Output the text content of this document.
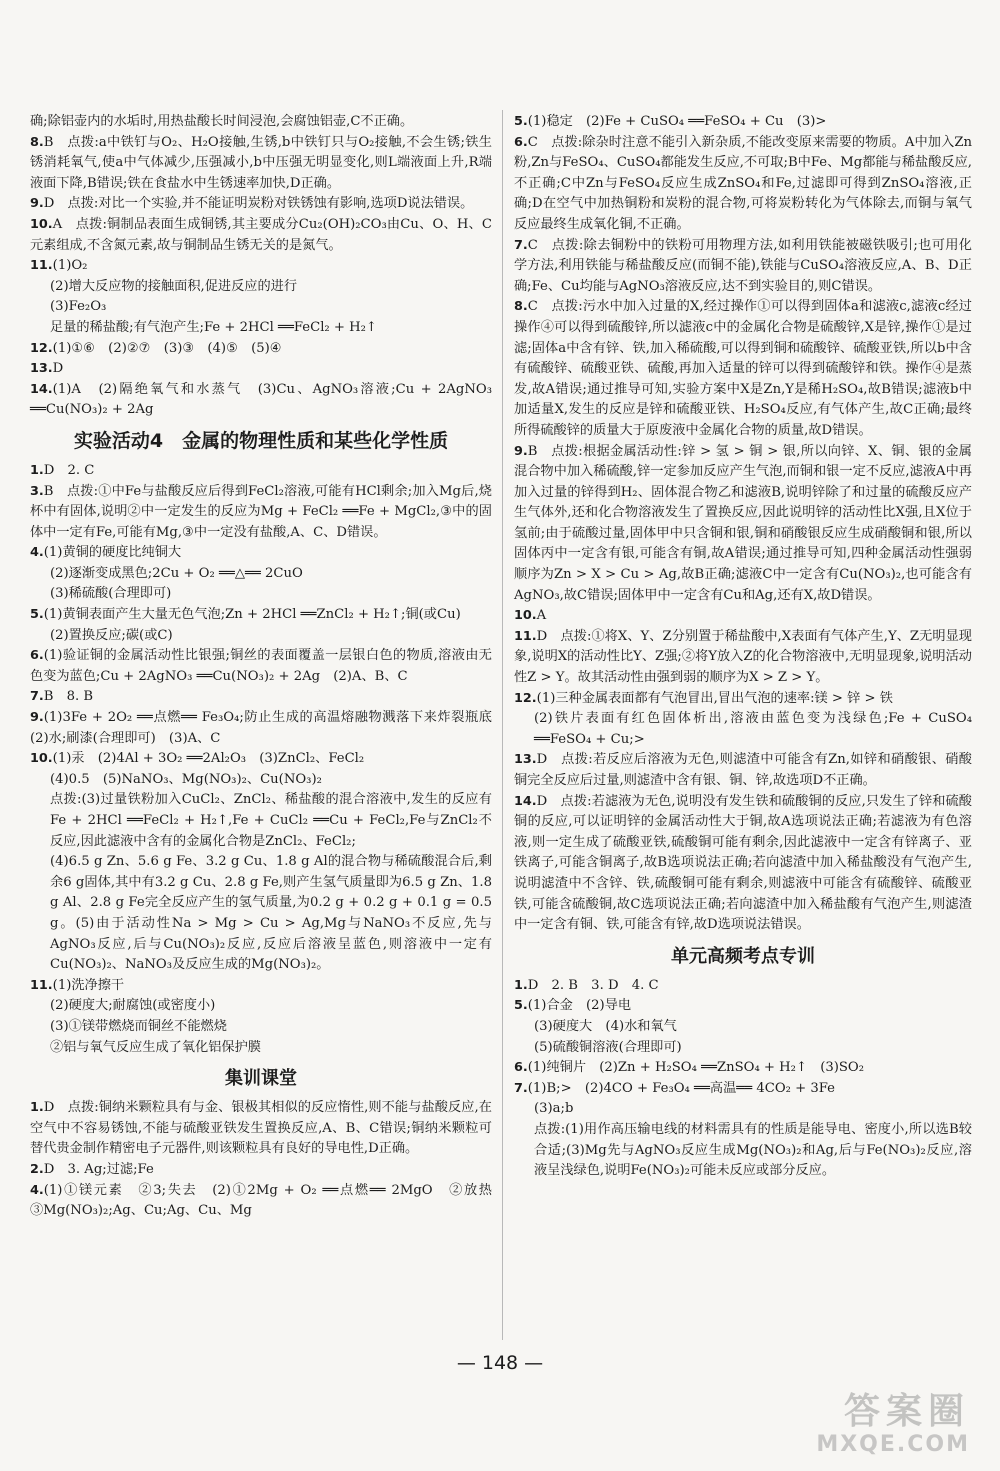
确;除铝壶内的水垢时,用热盐酸长时间浸泡,会腐蚀铝壶,C不正确。

8.B　点拨:a中铁钉与O₂、H₂O接触,生锈,b中铁钉只与O₂接触,不会生锈;铁生锈消耗氧气,使a中气体减少,压强减小,b中压强无明显变化,则L端液面上升,R端液面下降,B错误;铁在食盐水中生锈速率加快,D正确。

9.D　点拨:对比一个实验,并不能证明炭粉对铁锈蚀有影响,选项D说法错误。

10.A　点拨:铜制品表面生成铜锈,其主要成分Cu₂(OH)₂CO₃由Cu、O、H、C元素组成,不含氮元素,故与铜制品生锈无关的是氮气。

11.(1)O₂

(2)增大反应物的接触面积,促进反应的进行

(3)Fe₂O₃

足量的稀盐酸;有气泡产生;Fe + 2HCl ══FeCl₂ + H₂↑

12.(1)①⑥　(2)②⑦　(3)③　(4)⑤　(5)④

13.D

14.(1)A　(2)隔绝氧气和水蒸气　(3)Cu、AgNO₃溶液;Cu + 2AgNO₃ ══Cu(NO₃)₂ + 2Ag

实验活动4　金属的物理性质和某些化学性质

1.D　2. C

3.B　点拨:①中Fe与盐酸反应后得到FeCl₂溶液,可能有HCl剩余;加入Mg后,烧杯中有固体,说明②中一定发生的反应为Mg + FeCl₂ ══Fe + MgCl₂,③中的固体中一定有Fe,可能有Mg,③中一定没有盐酸,A、C、D错误。

4.(1)黄铜的硬度比纯铜大

(2)逐渐变成黑色;2Cu + O₂ ══△══ 2CuO

(3)稀硫酸(合理即可)

5.(1)黄铜表面产生大量无色气泡;Zn + 2HCl ══ZnCl₂ + H₂↑;铜(或Cu)

(2)置换反应;碳(或C)

6.(1)验证铜的金属活动性比银强;铜丝的表面覆盖一层银白色的物质,溶液由无色变为蓝色;Cu + 2AgNO₃ ══Cu(NO₃)₂ + 2Ag　(2)A、B、C

7.B　8. B

9.(1)3Fe + 2O₂ ══点燃══ Fe₃O₄;防止生成的高温熔融物溅落下来炸裂瓶底　(2)水;刷漆(合理即可)　(3)A、C

10.(1)汞　(2)4Al + 3O₂ ══2Al₂O₃　(3)ZnCl₂、FeCl₂

(4)0.5　(5)NaNO₃、Mg(NO₃)₂、Cu(NO₃)₂

点拨:(3)过量铁粉加入CuCl₂、ZnCl₂、稀盐酸的混合溶液中,发生的反应有Fe + 2HCl ══FeCl₂ + H₂↑,Fe + CuCl₂ ══Cu + FeCl₂,Fe与ZnCl₂不反应,因此滤液中含有的金属化合物是ZnCl₂、FeCl₂;

(4)6.5 g Zn、5.6 g Fe、3.2 g Cu、1.8 g Al的混合物与稀硫酸混合后,剩余6 g固体,其中有3.2 g Cu、2.8 g Fe,则产生氢气质量即为6.5 g Zn、1.8 g Al、2.8 g Fe完全反应产生的氢气质量,为0.2 g + 0.2 g + 0.1 g = 0.5 g。(5)由于活动性Na > Mg > Cu > Ag,Mg与NaNO₃不反应,先与AgNO₃反应,后与Cu(NO₃)₂反应,反应后溶液呈蓝色,则溶液中一定有Cu(NO₃)₂、NaNO₃及反应生成的Mg(NO₃)₂。

11.(1)洗净擦干

(2)硬度大;耐腐蚀(或密度小)

(3)①镁带燃烧而铜丝不能燃烧

②铝与氧气反应生成了氧化铝保护膜

集训课堂

1.D　点拨:铜纳米颗粒具有与金、银极其相似的反应惰性,则不能与盐酸反应,在空气中不容易锈蚀,不能与硫酸亚铁发生置换反应,A、B、C错误;铜纳米颗粒可替代贵金制作精密电子元器件,则该颗粒具有良好的导电性,D正确。

2.D　3. Ag;过滤;Fe

4.(1)①镁元素　②3;失去　(2)①2Mg + O₂ ══点燃══ 2MgO　②放热　③Mg(NO₃)₂;Ag、Cu;Ag、Cu、Mg

5.(1)稳定　(2)Fe + CuSO₄ ══FeSO₄ + Cu　(3)>

6.C　点拨:除杂时注意不能引入新杂质,不能改变原来需要的物质。A中加入Zn粉,Zn与FeSO₄、CuSO₄都能发生反应,不可取;B中Fe、Mg都能与稀盐酸反应,不正确;C中Zn与FeSO₄反应生成ZnSO₄和Fe,过滤即可得到ZnSO₄溶液,正确;D在空气中加热铜粉和炭粉的混合物,可将炭粉转化为气体除去,而铜与氧气反应最终生成氧化铜,不正确。

7.C　点拨:除去铜粉中的铁粉可用物理方法,如利用铁能被磁铁吸引;也可用化学方法,利用铁能与稀盐酸反应(而铜不能),铁能与CuSO₄溶液反应,A、B、D正确;Fe、Cu均能与AgNO₃溶液反应,达不到实验目的,则C错误。

8.C　点拨:污水中加入过量的X,经过操作①可以得到固体a和滤液c,滤液c经过操作④可以得到硫酸锌,所以滤液c中的金属化合物是硫酸锌,X是锌,操作①是过滤;固体a中含有锌、铁,加入稀硫酸,可以得到铜和硫酸锌、硫酸亚铁,所以b中含有硫酸锌、硫酸亚铁、硫酸,再加入适量的锌可以得到硫酸锌和铁。操作④是蒸发,故A错误;通过推导可知,实验方案中X是Zn,Y是稀H₂SO₄,故B错误;滤液b中加适量X,发生的反应是锌和硫酸亚铁、H₂SO₄反应,有气体产生,故C正确;最终所得硫酸锌的质量大于原废液中金属化合物的质量,故D错误。

9.B　点拨:根据金属活动性:锌 > 氢 > 铜 > 银,所以向锌、X、铜、银的金属混合物中加入稀硫酸,锌一定参加反应产生气泡,而铜和银一定不反应,滤液A中再加入过量的锌得到H₂、固体混合物乙和滤液B,说明锌除了和过量的硫酸反应产生气体外,还和化合物溶液发生了置换反应,因此说明锌的活动性比X强,且X位于氢前;由于硫酸过量,固体甲中只含铜和银,铜和硝酸银反应生成硝酸铜和银,所以固体丙中一定含有银,可能含有铜,故A错误;通过推导可知,四种金属活动性强弱顺序为Zn > X > Cu > Ag,故B正确;滤液C中一定含有Cu(NO₃)₂,也可能含有AgNO₃,故C错误;固体甲中一定含有Cu和Ag,还有X,故D错误。

10.A

11.D　点拨:①将X、Y、Z分别置于稀盐酸中,X表面有气体产生,Y、Z无明显现象,说明X的活动性比Y、Z强;②将Y放入Z的化合物溶液中,无明显现象,说明活动性Z > Y。故其活动性由强到弱的顺序为X > Z > Y。

12.(1)三种金属表面都有气泡冒出,冒出气泡的速率:镁 > 锌 > 铁

(2)铁片表面有红色固体析出,溶液由蓝色变为浅绿色;Fe + CuSO₄ ══FeSO₄ + Cu;>

13.D　点拨:若反应后溶液为无色,则滤渣中可能含有Zn,如锌和硝酸银、硝酸铜完全反应后过量,则滤渣中含有银、铜、锌,故选项D不正确。

14.D　点拨:若滤液为无色,说明没有发生铁和硫酸铜的反应,只发生了锌和硫酸铜的反应,可以证明锌的金属活动性大于铜,故A选项说法正确;若滤液为有色溶液,则一定生成了硫酸亚铁,硫酸铜可能有剩余,因此滤液中一定含有锌离子、亚铁离子,可能含铜离子,故B选项说法正确;若向滤渣中加入稀盐酸没有气泡产生,说明滤渣中不含锌、铁,硫酸铜可能有剩余,则滤液中可能含有硫酸锌、硫酸亚铁,可能含硫酸铜,故C选项说法正确;若向滤渣中加入稀盐酸有气泡产生,则滤渣中一定含有铜、铁,可能含有锌,故D选项说法错误。

单元高频考点专训

1.D　2. B　3. D　4. C

5.(1)合金　(2)导电

(3)硬度大　(4)水和氧气

(5)硫酸铜溶液(合理即可)

6.(1)纯铜片　(2)Zn + H₂SO₄ ══ZnSO₄ + H₂↑　(3)SO₂

7.(1)B;>　(2)4CO + Fe₃O₄ ══高温══ 4CO₂ + 3Fe

(3)a;b

点拨:(1)用作高压输电线的材料需具有的性质是能导电、密度小,所以选B较合适;(3)Mg先与AgNO₃反应生成Mg(NO₃)₂和Ag,后与Fe(NO₃)₂反应,溶液呈浅绿色,说明Fe(NO₃)₂可能未反应或部分反应。

— 148 —
答案圈
MXQE.COM
